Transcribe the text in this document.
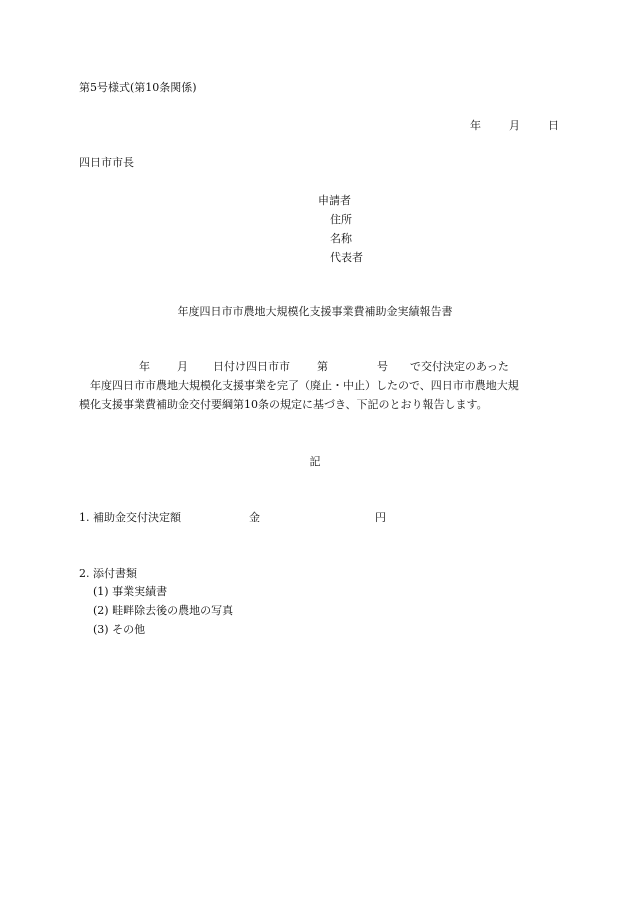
第5号様式(第10条関係)
年	月	日
四日市市長
申請者
住所
名称
代表者
年度四日市市農地大規模化支援事業費補助金実績報告書
年 月 日付け四日市市 第	号 で交付決定のあった
年度四日市市農地大規模化支援事業を完了（廃止・中止）したので、四日市市農地大規
模化支援事業費補助金交付要綱第10条の規定に基づき、下記のとおり報告します。
記
1. 補助金交付決定額	金	円
2. 添付書類
(1) 事業実績書
(2) 畦畔除去後の農地の写真
(3) その他
